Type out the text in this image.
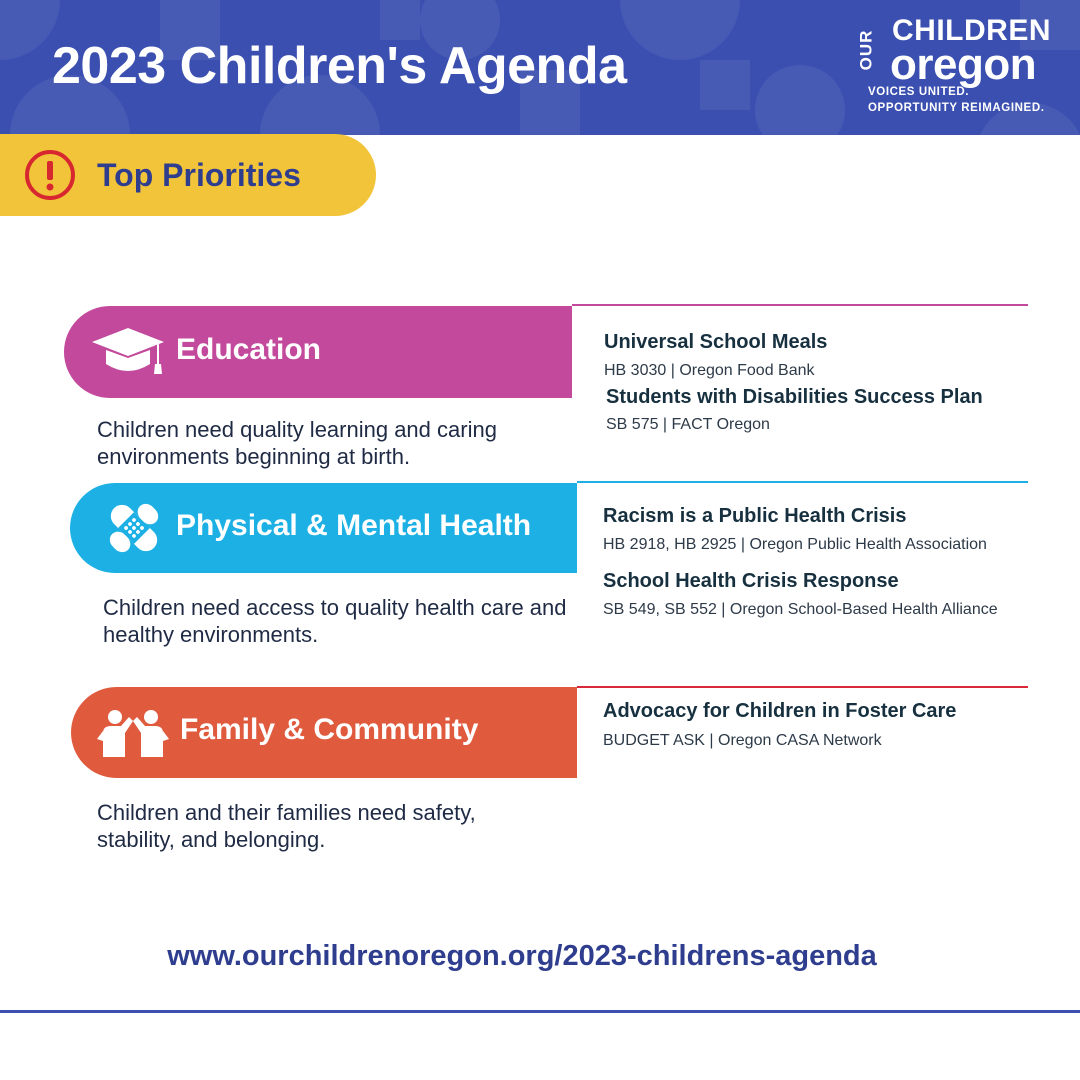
2023 Children's Agenda	OUR CHILDREN
oregon
VOICES UNITED.
OPPORTUNITY REIMAGINED.
Top Priorities
Education
Children need quality learning and caring environments beginning at birth.
Universal School Meals
HB 3030 | Oregon Food Bank
Students with Disabilities Success Plan
SB 575 | FACT Oregon
Physical & Mental Health
Children need access to quality health care and healthy environments.
Racism is a Public Health Crisis
HB 2918, HB 2925 | Oregon Public Health Association
School Health Crisis Response
SB 549, SB 552 | Oregon School-Based Health Alliance
Family & Community
Children and their families need safety, stability, and belonging.
Advocacy for Children in Foster Care
BUDGET ASK | Oregon CASA Network
www.ourchildrenoregon.org/2023-childrens-agenda
